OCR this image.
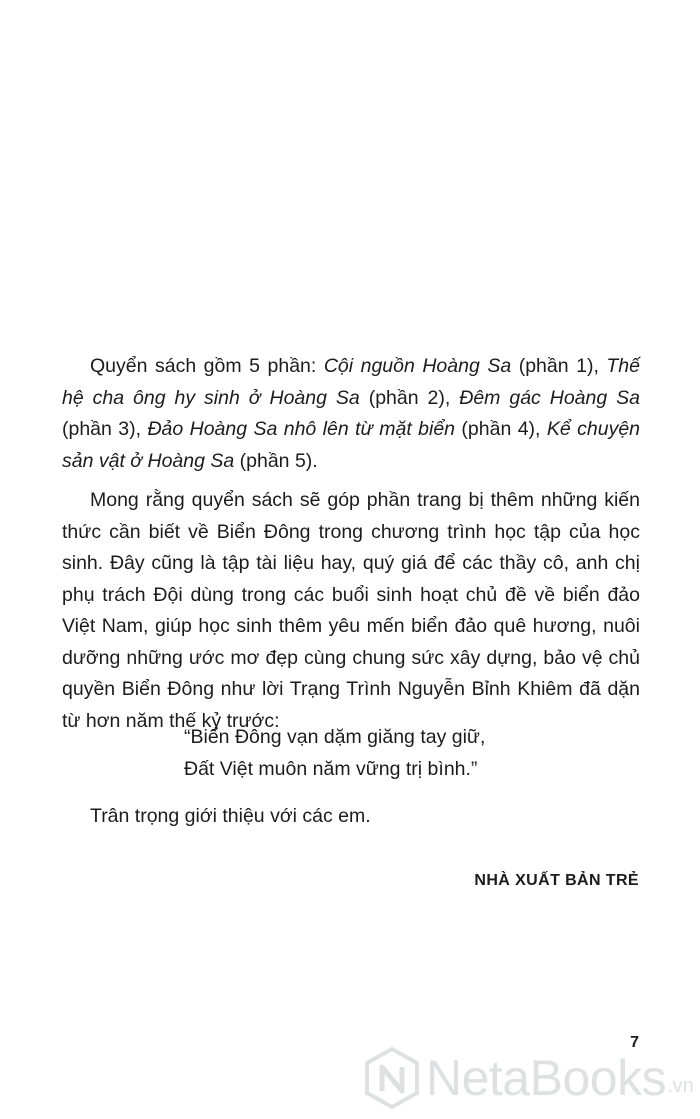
Quyển sách gồm 5 phần: Cội nguồn Hoàng Sa (phần 1), Thế hệ cha ông hy sinh ở Hoàng Sa (phần 2), Đêm gác Hoàng Sa (phần 3), Đảo Hoàng Sa nhô lên từ mặt biển (phần 4), Kể chuyện sản vật ở Hoàng Sa (phần 5).

Mong rằng quyển sách sẽ góp phần trang bị thêm những kiến thức cần biết về Biển Đông trong chương trình học tập của học sinh. Đây cũng là tập tài liệu hay, quý giá để các thầy cô, anh chị phụ trách Đội dùng trong các buổi sinh hoạt chủ đề về biển đảo Việt Nam, giúp học sinh thêm yêu mến biển đảo quê hương, nuôi dưỡng những ước mơ đẹp cùng chung sức xây dựng, bảo vệ chủ quyền Biển Đông như lời Trạng Trình Nguyễn Bỉnh Khiêm đã dặn từ hơn năm thế kỷ trước:

“Biển Đông vạn dặm giăng tay giữ,
Đất Việt muôn năm vững trị bình.”
Trân trọng giới thiệu với các em.
NHÀ XUẤT BẢN TRẺ
7
NetaBooks .vn
